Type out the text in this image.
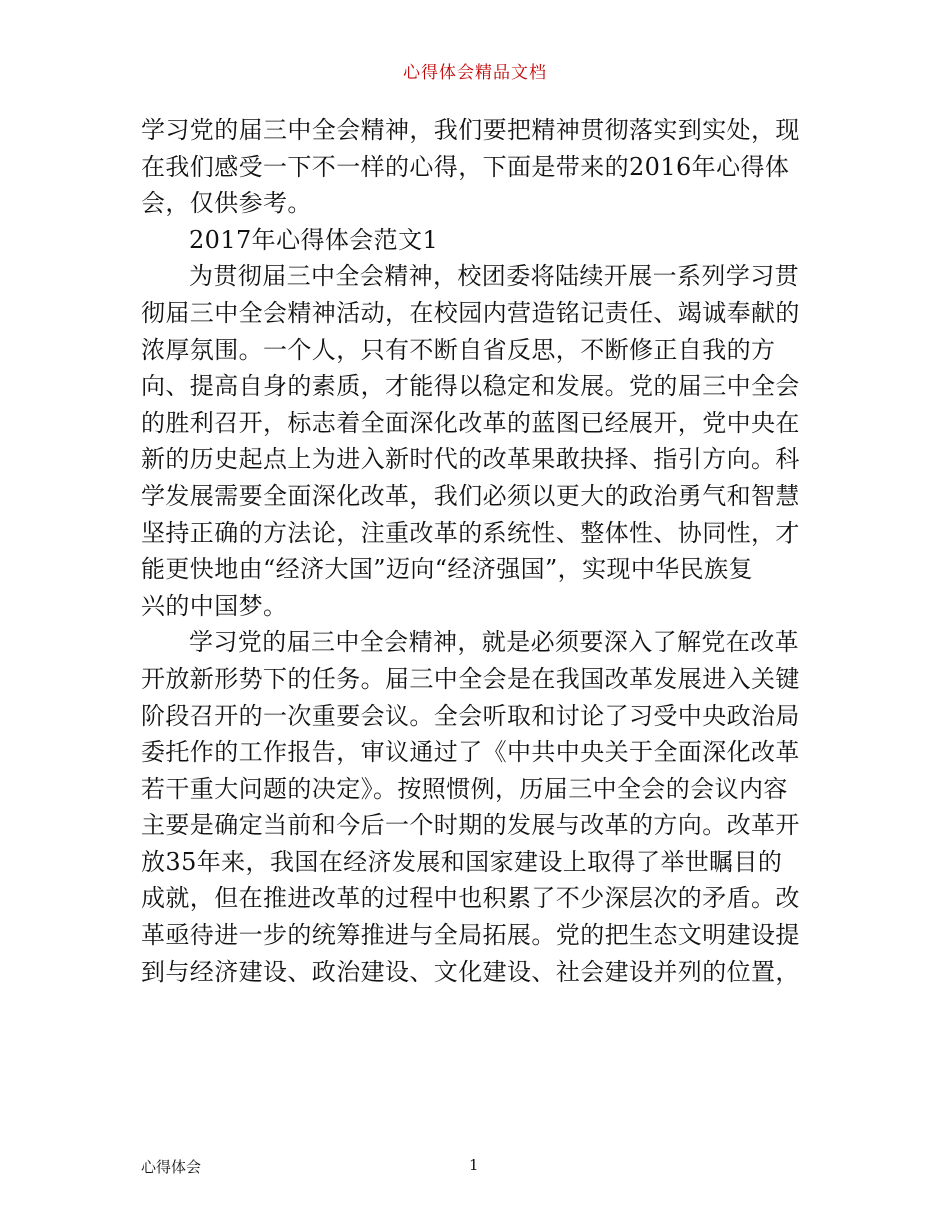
心得体会精品文档
学习党的届三中全会精神，我们要把精神贯彻落实到实处，现
在我们感受一下不一样的心得，下面是带来的2016年心得体
会，仅供参考。
2017年心得体会范文1
为贯彻届三中全会精神，校团委将陆续开展一系列学习贯
彻届三中全会精神活动，在校园内营造铭记责任、竭诚奉献的
浓厚氛围。一个人，只有不断自省反思，不断修正自我的方
向、提高自身的素质，才能得以稳定和发展。党的届三中全会
的胜利召开，标志着全面深化改革的蓝图已经展开，党中央在
新的历史起点上为进入新时代的改革果敢抉择、指引方向。科
学发展需要全面深化改革，我们必须以更大的政治勇气和智慧
坚持正确的方法论，注重改革的系统性、整体性、协同性，才
能更快地由“经济大国”迈向“经济强国”，实现中华民族复
兴的中国梦。
学习党的届三中全会精神，就是必须要深入了解党在改革
开放新形势下的任务。届三中全会是在我国改革发展进入关键
阶段召开的一次重要会议。全会听取和讨论了习受中央政治局
委托作的工作报告，审议通过了《中共中央关于全面深化改革
若干重大问题的决定》。按照惯例，历届三中全会的会议内容
主要是确定当前和今后一个时期的发展与改革的方向。改革开
放35年来，我国在经济发展和国家建设上取得了举世瞩目的
成就，但在推进改革的过程中也积累了不少深层次的矛盾。改
革亟待进一步的统筹推进与全局拓展。党的把生态文明建设提
到与经济建设、政治建设、文化建设、社会建设并列的位置，
心得体会	1
